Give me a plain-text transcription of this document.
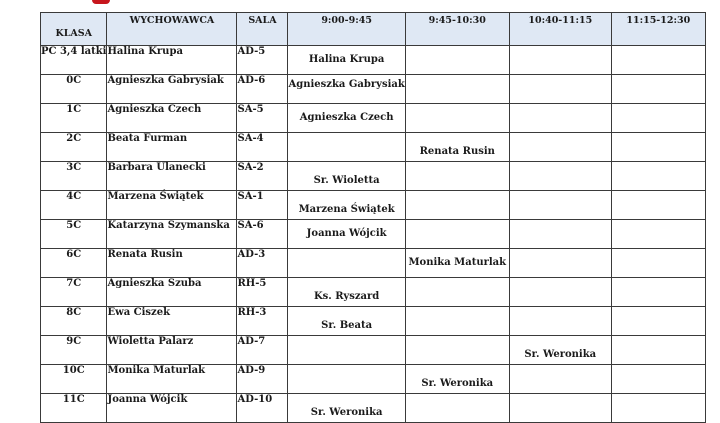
KLASA	WYCHOWAWCA	SALA	9:00-9:45	9:45-10:30	10:40-11:15	11:15-12:30
PC 3,4 latki	Halina Krupa	AD-5	Halina Krupa			

0C	Agnieszka Gabrysiak	AD-6	Agnieszka Gabrysiak			

1C	Agnieszka Czech	SA-5	Agnieszka Czech			

2C	Beata Furman	SA-4		Renata Rusin		

3C	Barbara Ulanecki	SA-2	Sr. Wioletta			

4C	Marzena Świątek	SA-1	Marzena Świątek			

5C	Katarzyna Szymanska	SA-6	Joanna Wójcik			

6C	Renata Rusin	AD-3		Monika Maturlak		

7C	Agnieszka Szuba	RH-5	Ks. Ryszard			

8C	Ewa Ciszek	RH-3	Sr. Beata			

9C	Wioletta Palarz	AD-7			Sr. Weronika	

10C	Monika Maturlak	AD-9		Sr. Weronika		

11C	Joanna Wójcik	AD-10	Sr. Weronika			
